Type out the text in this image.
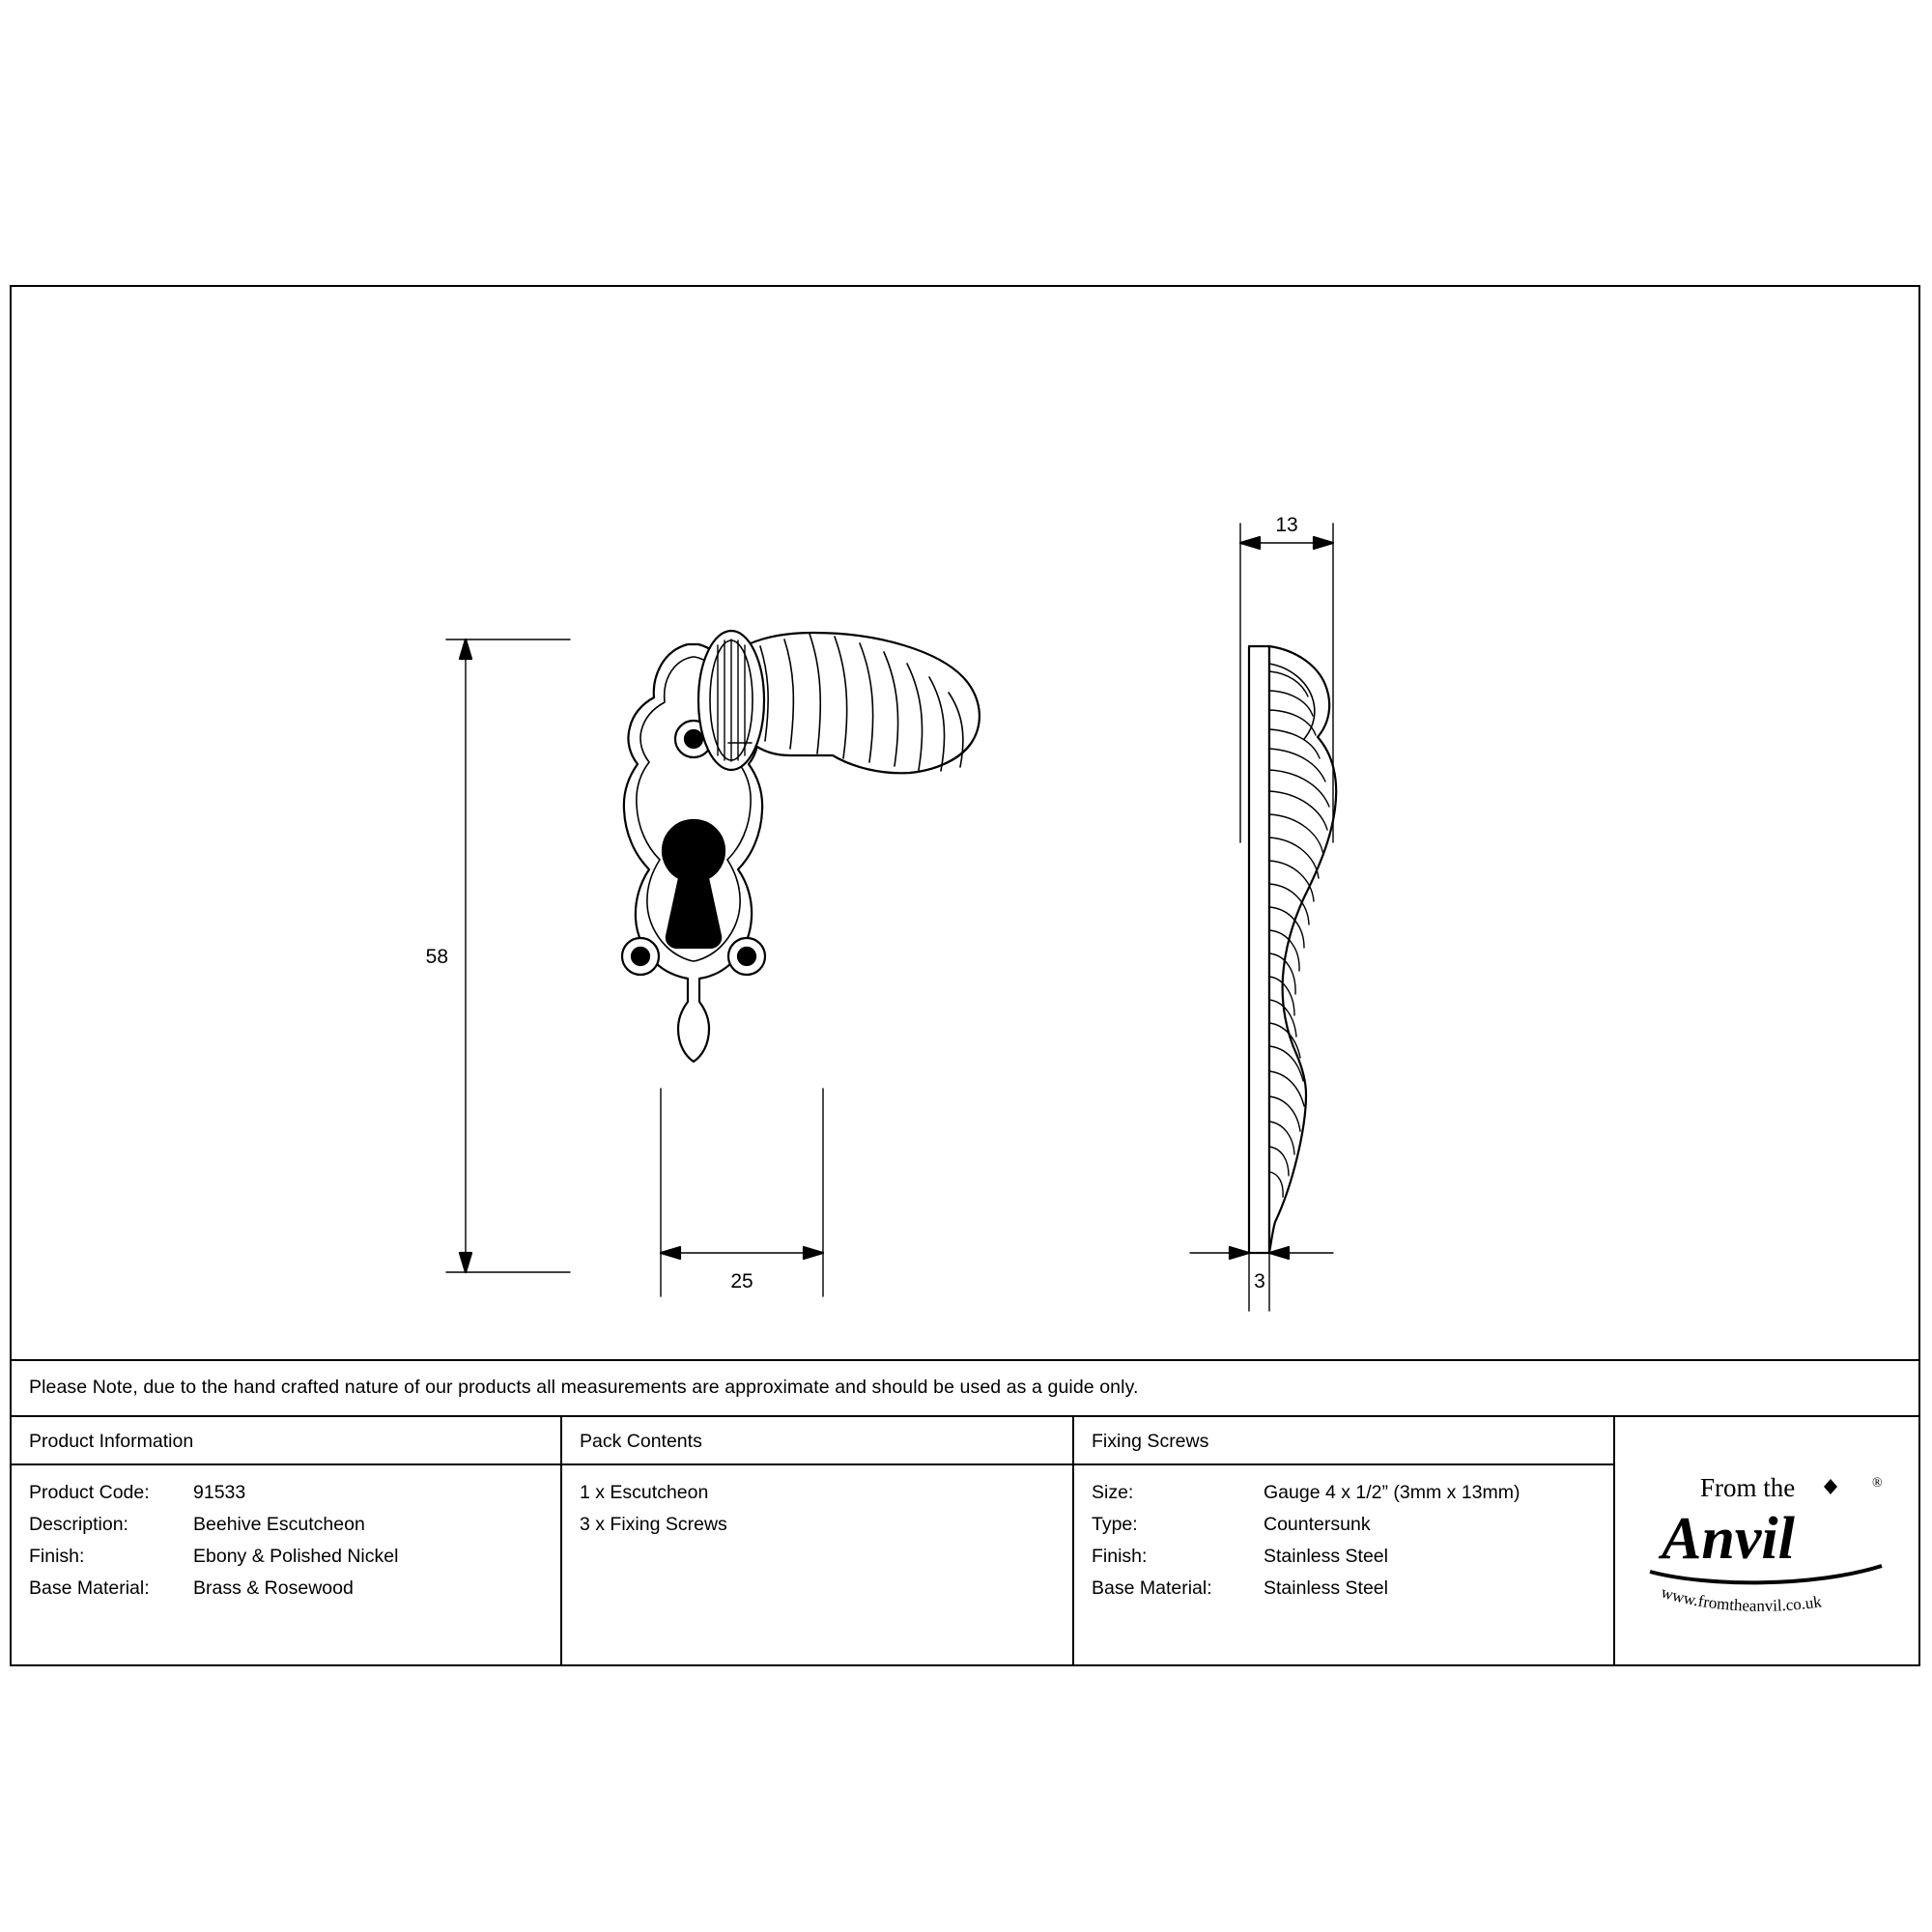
58
25
13
3
Please Note, due to the hand crafted nature of our products all measurements are approximate and should be used as a guide only.
Product Information
Product Code:	91533
Description:	Beehive Escutcheon
Finish:	Ebony & Polished Nickel
Base Material:	Brass & Rosewood
Pack Contents
1 x Escutcheon
3 x Fixing Screws
Fixing Screws
Size:	Gauge 4 x 1/2” (3mm x 13mm)
Type:	Countersunk
Finish:	Stainless Steel
Base Material:	Stainless Steel
From the	®
Anvil
www.fromtheanvil.co.uk
